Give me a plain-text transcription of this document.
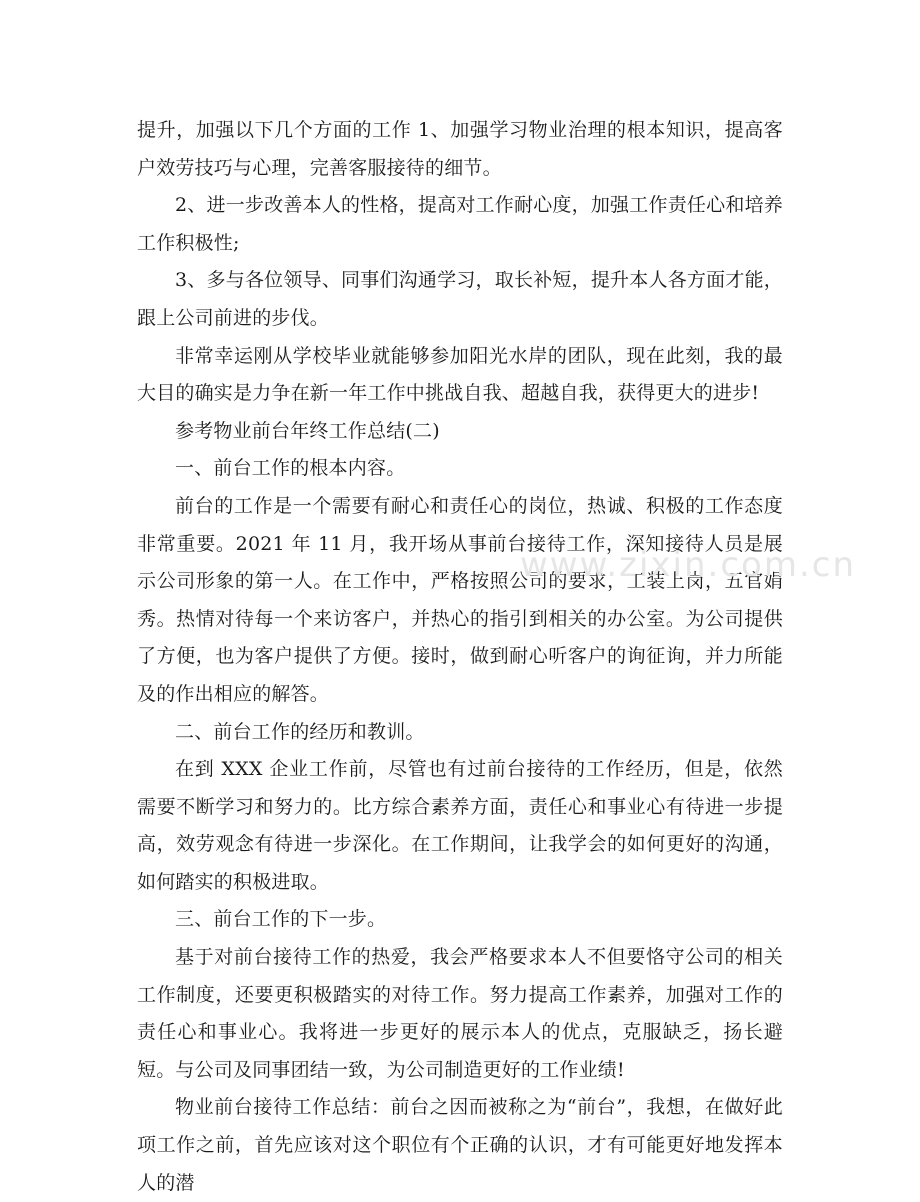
提升，加强以下几个方面的工作 1、加强学习物业治理的根本知识，提高客户效劳技巧与心理，完善客服接待的细节。

2、进一步改善本人的性格，提高对工作耐心度，加强工作责任心和培养工作积极性;

3、多与各位领导、同事们沟通学习，取长补短，提升本人各方面才能，跟上公司前进的步伐。

非常幸运刚从学校毕业就能够参加阳光水岸的团队，现在此刻，我的最大目的确实是力争在新一年工作中挑战自我、超越自我，获得更大的进步!

参考物业前台年终工作总结(二)

一、前台工作的根本内容。

前台的工作是一个需要有耐心和责任心的岗位，热诚、积极的工作态度非常重要。2021 年 11 月，我开场从事前台接待工作，深知接待人员是展示公司形象的第一人。在工作中，严格按照公司的要求，工装上岗，五官娟秀。热情对待每一个来访客户，并热心的指引到相关的办公室。为公司提供了方便，也为客户提供了方便。接时，做到耐心听客户的询征询，并力所能及的作出相应的解答。

二、前台工作的经历和教训。

在到 XXX 企业工作前，尽管也有过前台接待的工作经历，但是，依然需要不断学习和努力的。比方综合素养方面，责任心和事业心有待进一步提高，效劳观念有待进一步深化。在工作期间，让我学会的如何更好的沟通，如何踏实的积极进取。

三、前台工作的下一步。

基于对前台接待工作的热爱，我会严格要求本人不但要恪守公司的相关工作制度，还要更积极踏实的对待工作。努力提高工作素养，加强对工作的责任心和事业心。我将进一步更好的展示本人的优点，克服缺乏，扬长避短。与公司及同事团结一致，为公司制造更好的工作业绩!

物业前台接待工作总结：前台之因而被称之为“前台”，我想，在做好此项工作之前，首先应该对这个职位有个正确的认识，才有可能更好地发挥本人的潜

www.zixin.com.cn
